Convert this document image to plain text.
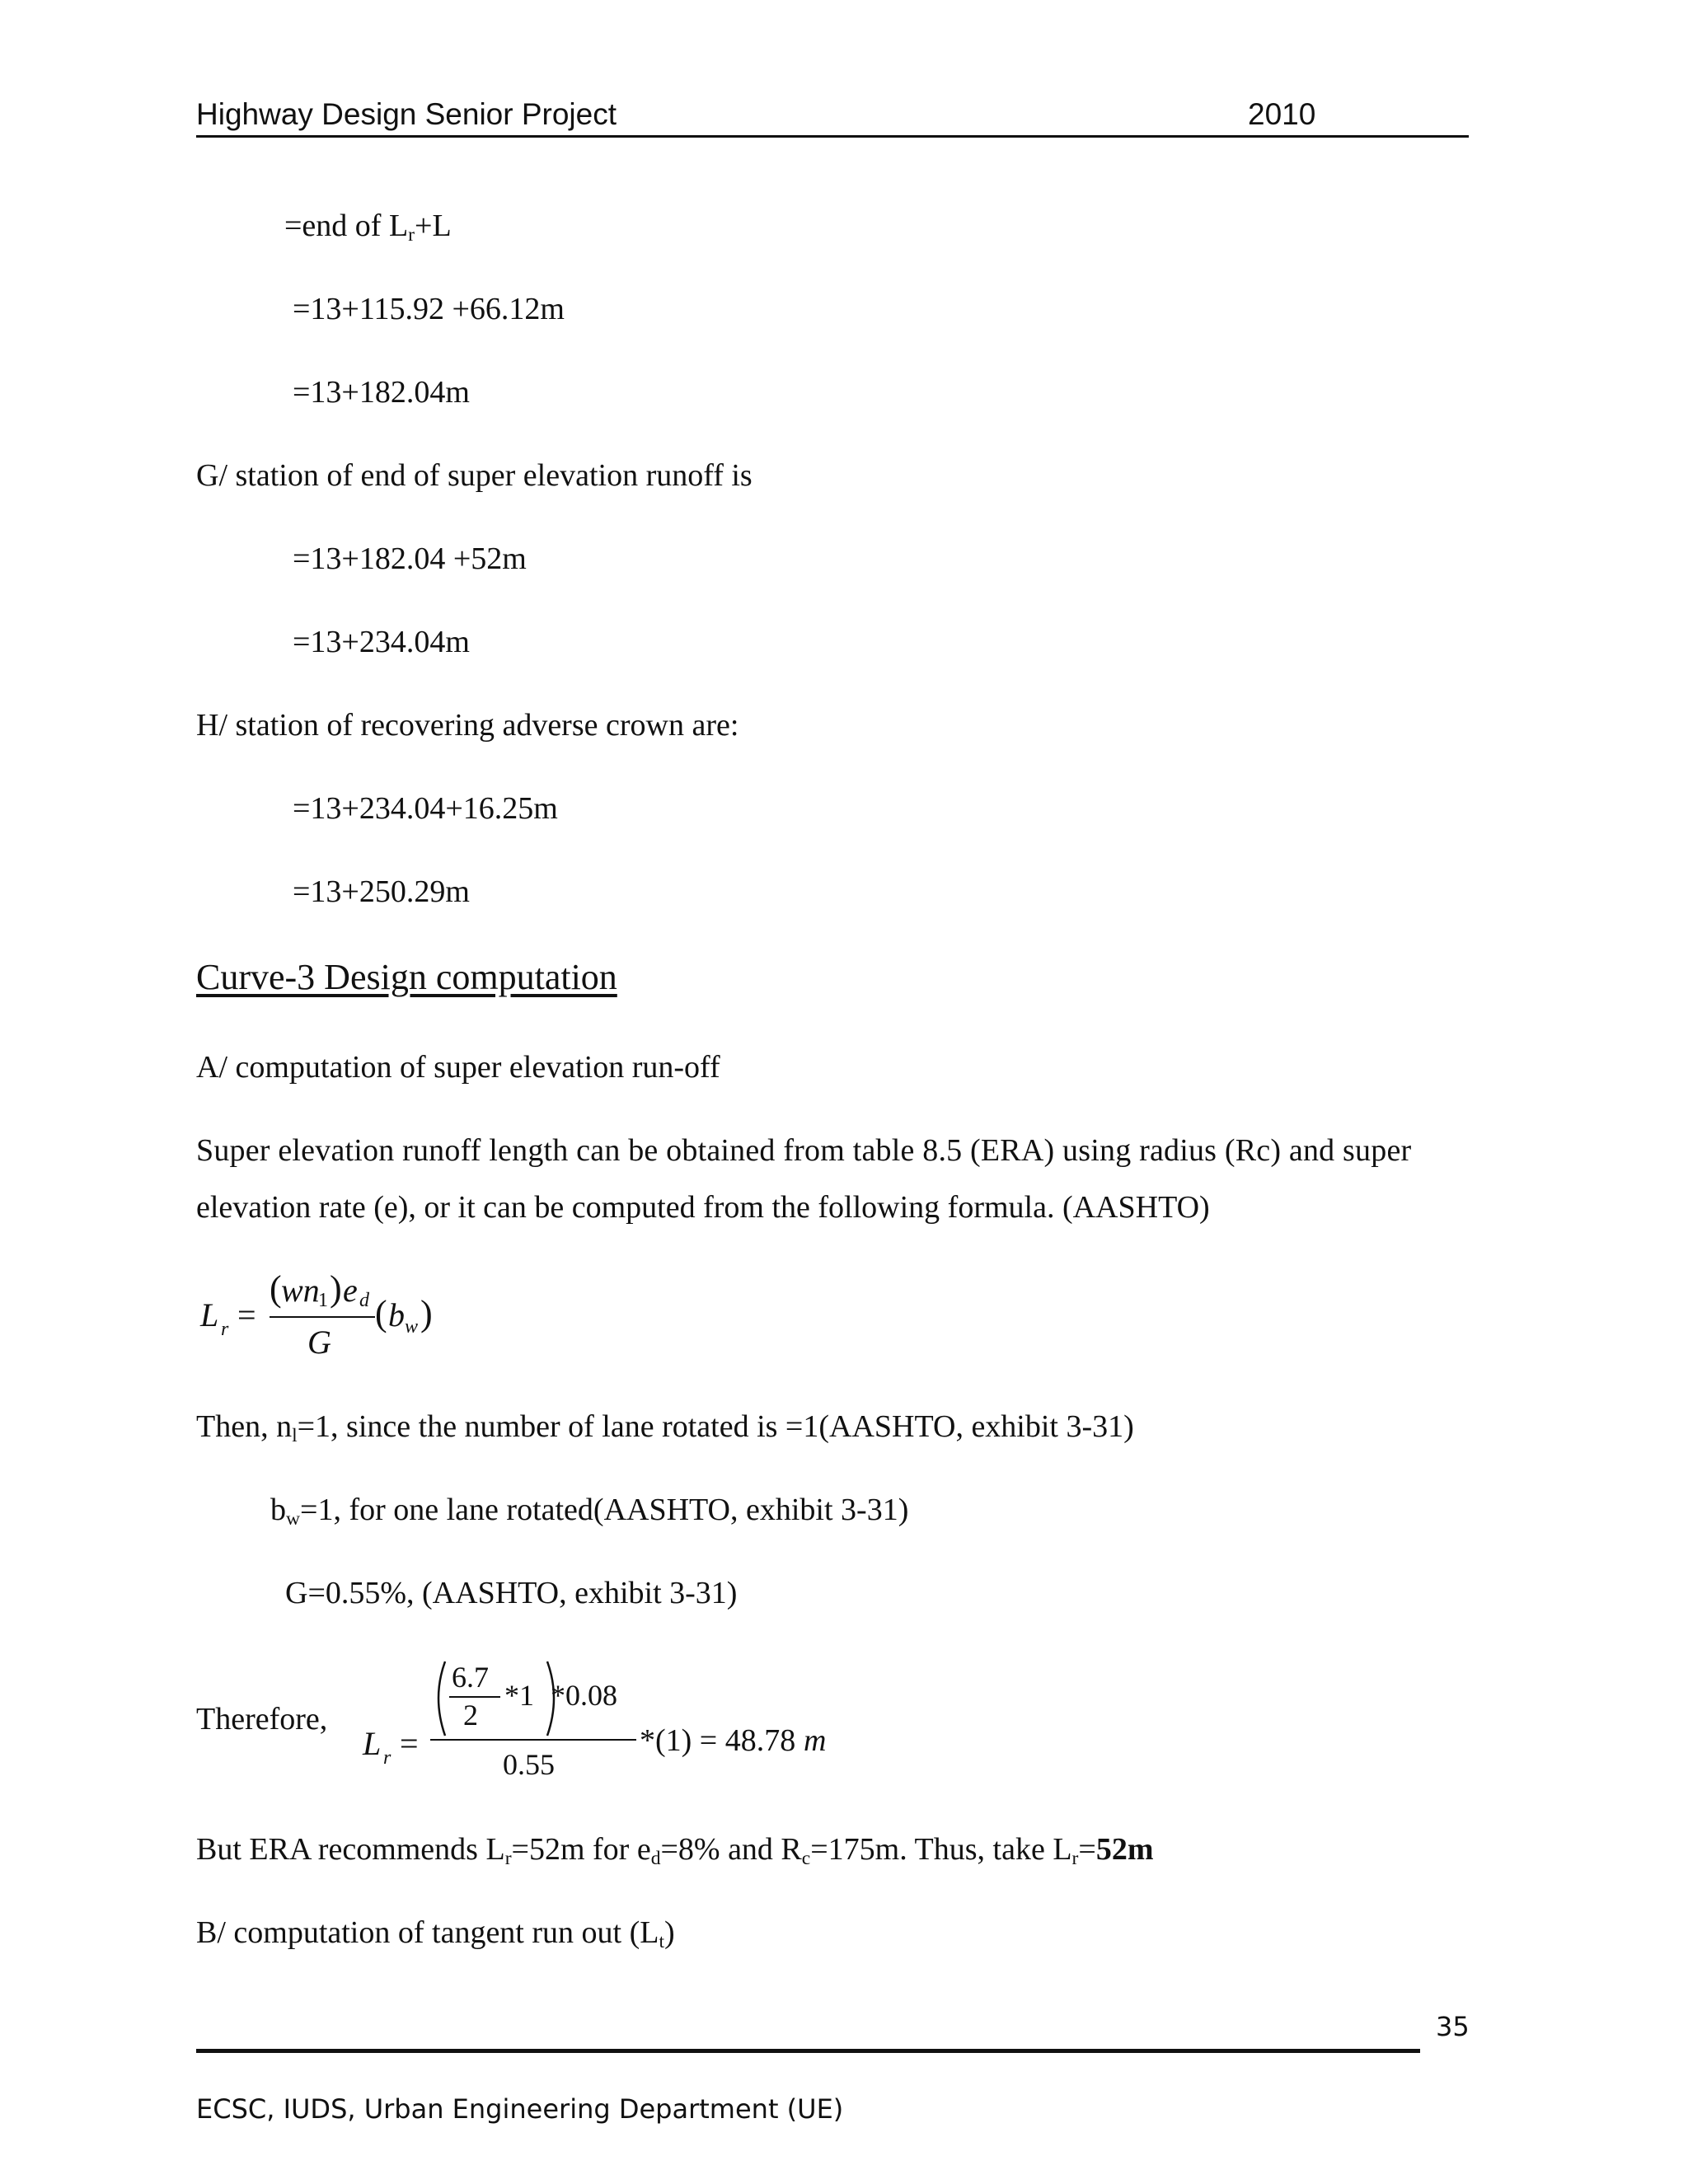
Highway Design Senior Project	2010
=end of $L_r+L$
=13+115.92 +66.12m
=13+182.04m
G/ station of end of super elevation runoff is
=13+182.04 +52m
=13+234.04m
H/ station of recovering adverse crown are:
=13+234.04+16.25m
=13+250.29m
Curve-3 Design computation
A/ computation of super elevation run-off
Super elevation runoff length can be obtained from table 8.5 (ERA) using radius (Rc) and super
elevation rate (e), or it can be computed from the following formula. (AASHTO)
L r =
( wn
1 ) e d
G
( b w )
Then, $n_l=1$, since the number of lane rotated is =1(AASHTO, exhibit 3-31)
$b_w=1$, for one lane rotated(AASHTO, exhibit 3-31)
G=0.55%, (AASHTO, exhibit 3-31)
Therefore,
L r =
6.7
2
*1 *0.08
0.55
*(1) = 48.78 m
But ERA recommends $L_r=52m$ for $e_d=8\%$ and $R_c=175m$. Thus, take $L_r=52m$
B/ computation of tangent run out $(L_t)$
35
ECSC, IUDS, Urban Engineering Department (UE)
